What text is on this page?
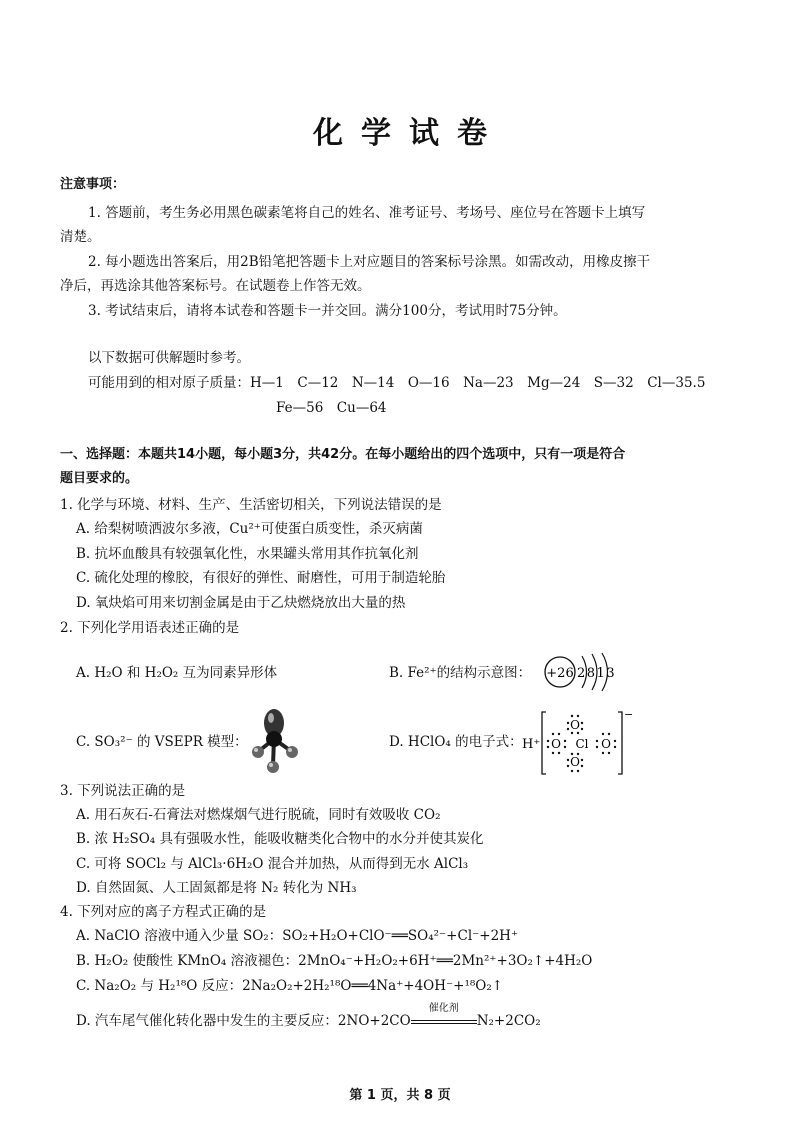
化学试卷
注意事项：
1. 答题前，考生务必用黑色碳素笔将自己的姓名、准考证号、考场号、座位号在答题卡上填写
清楚。
2. 每小题选出答案后，用2B铅笔把答题卡上对应题目的答案标号涂黑。如需改动，用橡皮擦干
净后，再选涂其他答案标号。在试题卷上作答无效。
3. 考试结束后，请将本试卷和答题卡一并交回。满分100分，考试用时75分钟。
以下数据可供解题时参考。
可能用到的相对原子质量：H—1　C—12　N—14　O—16　Na—23　Mg—24　S—32　Cl—35.5
Fe—56　Cu—64
一、选择题：本题共14小题，每小题3分，共42分。在每小题给出的四个选项中，只有一项是符合
题目要求的。
1. 化学与环境、材料、生产、生活密切相关，下列说法错误的是
A. 给梨树喷洒波尔多液，Cu²⁺可使蛋白质变性，杀灭病菌
B. 抗坏血酸具有较强氧化性，水果罐头常用其作抗氧化剂
C. 硫化处理的橡胶，有很好的弹性、耐磨性，可用于制造轮胎
D. 氧炔焰可用来切割金属是由于乙炔燃烧放出大量的热
2. 下列化学用语表述正确的是
A. H₂O 和 H₂O₂ 互为同素异形体	B. Fe²⁺的结构示意图： +26 2813
C. SO₃²⁻ 的 VSEPR 模型：	D. HClO₄ 的电子式： H⁺
−
O
O Cl O
O
3. 下列说法正确的是
A. 用石灰石-石膏法对燃煤烟气进行脱硫，同时有效吸收 CO₂
B. 浓 H₂SO₄ 具有强吸水性，能吸收糖类化合物中的水分并使其炭化
C. 可将 SOCl₂ 与 AlCl₃·6H₂O 混合并加热，从而得到无水 AlCl₃
D. 自然固氮、人工固氮都是将 N₂ 转化为 NH₃
4. 下列对应的离子方程式正确的是
A. NaClO 溶液中通入少量 SO₂：SO₂+H₂O+ClO⁻══SO₄²⁻+Cl⁻+2H⁺
B. H₂O₂ 使酸性 KMnO₄ 溶液褪色：2MnO₄⁻+H₂O₂+6H⁺══2Mn²⁺+3O₂↑+4H₂O
C. Na₂O₂ 与 H₂¹⁸O 反应：2Na₂O₂+2H₂¹⁸O══4Na⁺+4OH⁻+¹⁸O₂↑
D. 汽车尾气催化转化器中发生的主要反应：2NO+2CO
催化剂
N₂+2CO₂
第 1 页，共 8 页
